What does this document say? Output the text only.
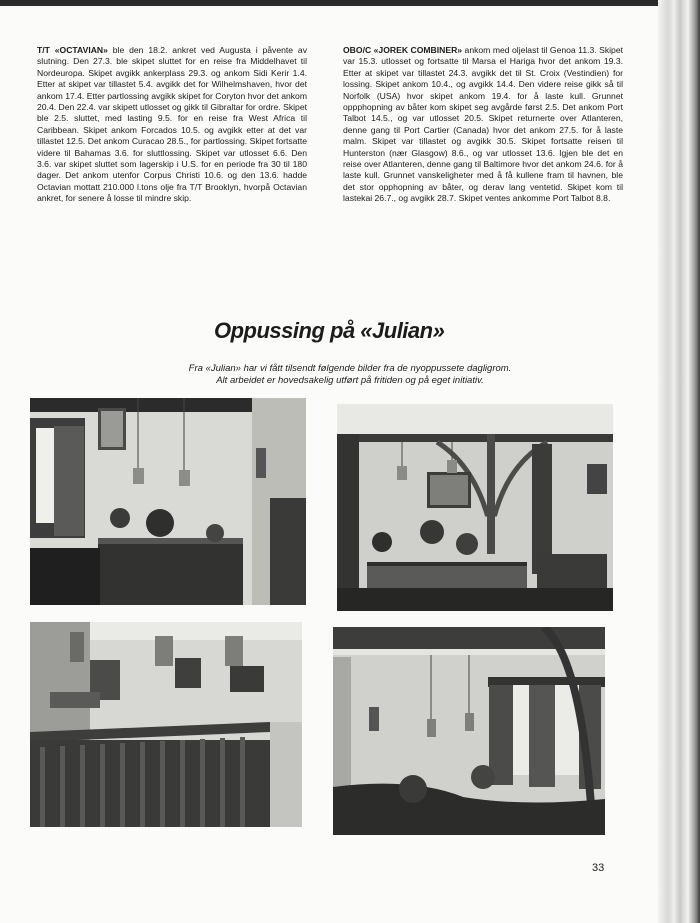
T/T «OCTAVIAN» ble den 18.2. ankret ved Augusta i påvente av slutning. Den 27.3. ble skipet sluttet for en reise fra Middelhavet til Nordeuropa. Skipet avgikk ankerplass 29.3. og ankom Sidi Kerir 1.4. Etter at skipet var tillastet 5.4. avgikk det for Wilhelmshaven, hvor det ankom 17.4. Etter partlossing avgikk skipet for Coryton hvor det ankom 20.4. Den 22.4. var skipett utlosset og gikk til Gibraltar for ordre. Skipet ble 2.5. sluttet, med lasting 9.5. for en reise fra West Africa til Caribbean. Skipet ankom Forcados 10.5. og avgikk etter at det var tillastet 12.5. Det ankom Curacao 28.5., for partlossing. Skipet fortsatte videre til Bahamas 3.6. for sluttlossing. Skipet var utlosset 6.6. Den 3.6. var skipet sluttet som lagerskip i U.S. for en periode fra 30 til 180 dager. Det ankom utenfor Corpus Christi 10.6. og den 13.6. hadde Octavian mottatt 210.000 l.tons olje fra T/T Brooklyn, hvorpå Octavian ankret, for senere å losse til mindre skip.
OBO/C «JOREK COMBINER» ankom med oljelast til Genoa 11.3. Skipet var 15.3. utlosset og fortsatte til Marsa el Hariga hvor det ankom 19.3. Etter at skipet var tillastet 24.3. avgikk det til St. Croix (Vestindien) for lossing. Skipet ankom 10.4., og avgikk 14.4. Den videre reise gikk så til Norfolk (USA) hvor skipet ankom 19.4. for å laste kull. Grunnet oppphopning av båter kom skipet seg avgårde først 2.5. Det ankom Port Talbot 14.5., og var utlosset 20.5. Skipet returnerte over Atlanteren, denne gang til Port Cartier (Canada) hvor det ankom 27.5. for å laste malm. Skipet var tillastet og avgikk 30.5. Skipet fortsatte reisen til Hunterston (nær Glasgow) 8.6., og var utlosset 13.6. Igjen ble det en reise over Atlanteren, denne gang til Baltimore hvor det ankom 24.6. for å laste kull. Grunnet vanskeligheter med å få kullene fram til havnen, ble det stor opphopning av båter, og derav lang ventetid. Skipet kom til lastekai 26.7., og avgikk 28.7. Skipet ventes ankomme Port Talbot 8.8.
Oppussing på «Julian»
Fra «Julian» har vi fått tilsendt følgende bilder fra de nyoppussete dagligrom.
Alt arbeidet er hovedsakelig utført på fritiden og på eget initiativ.
33
